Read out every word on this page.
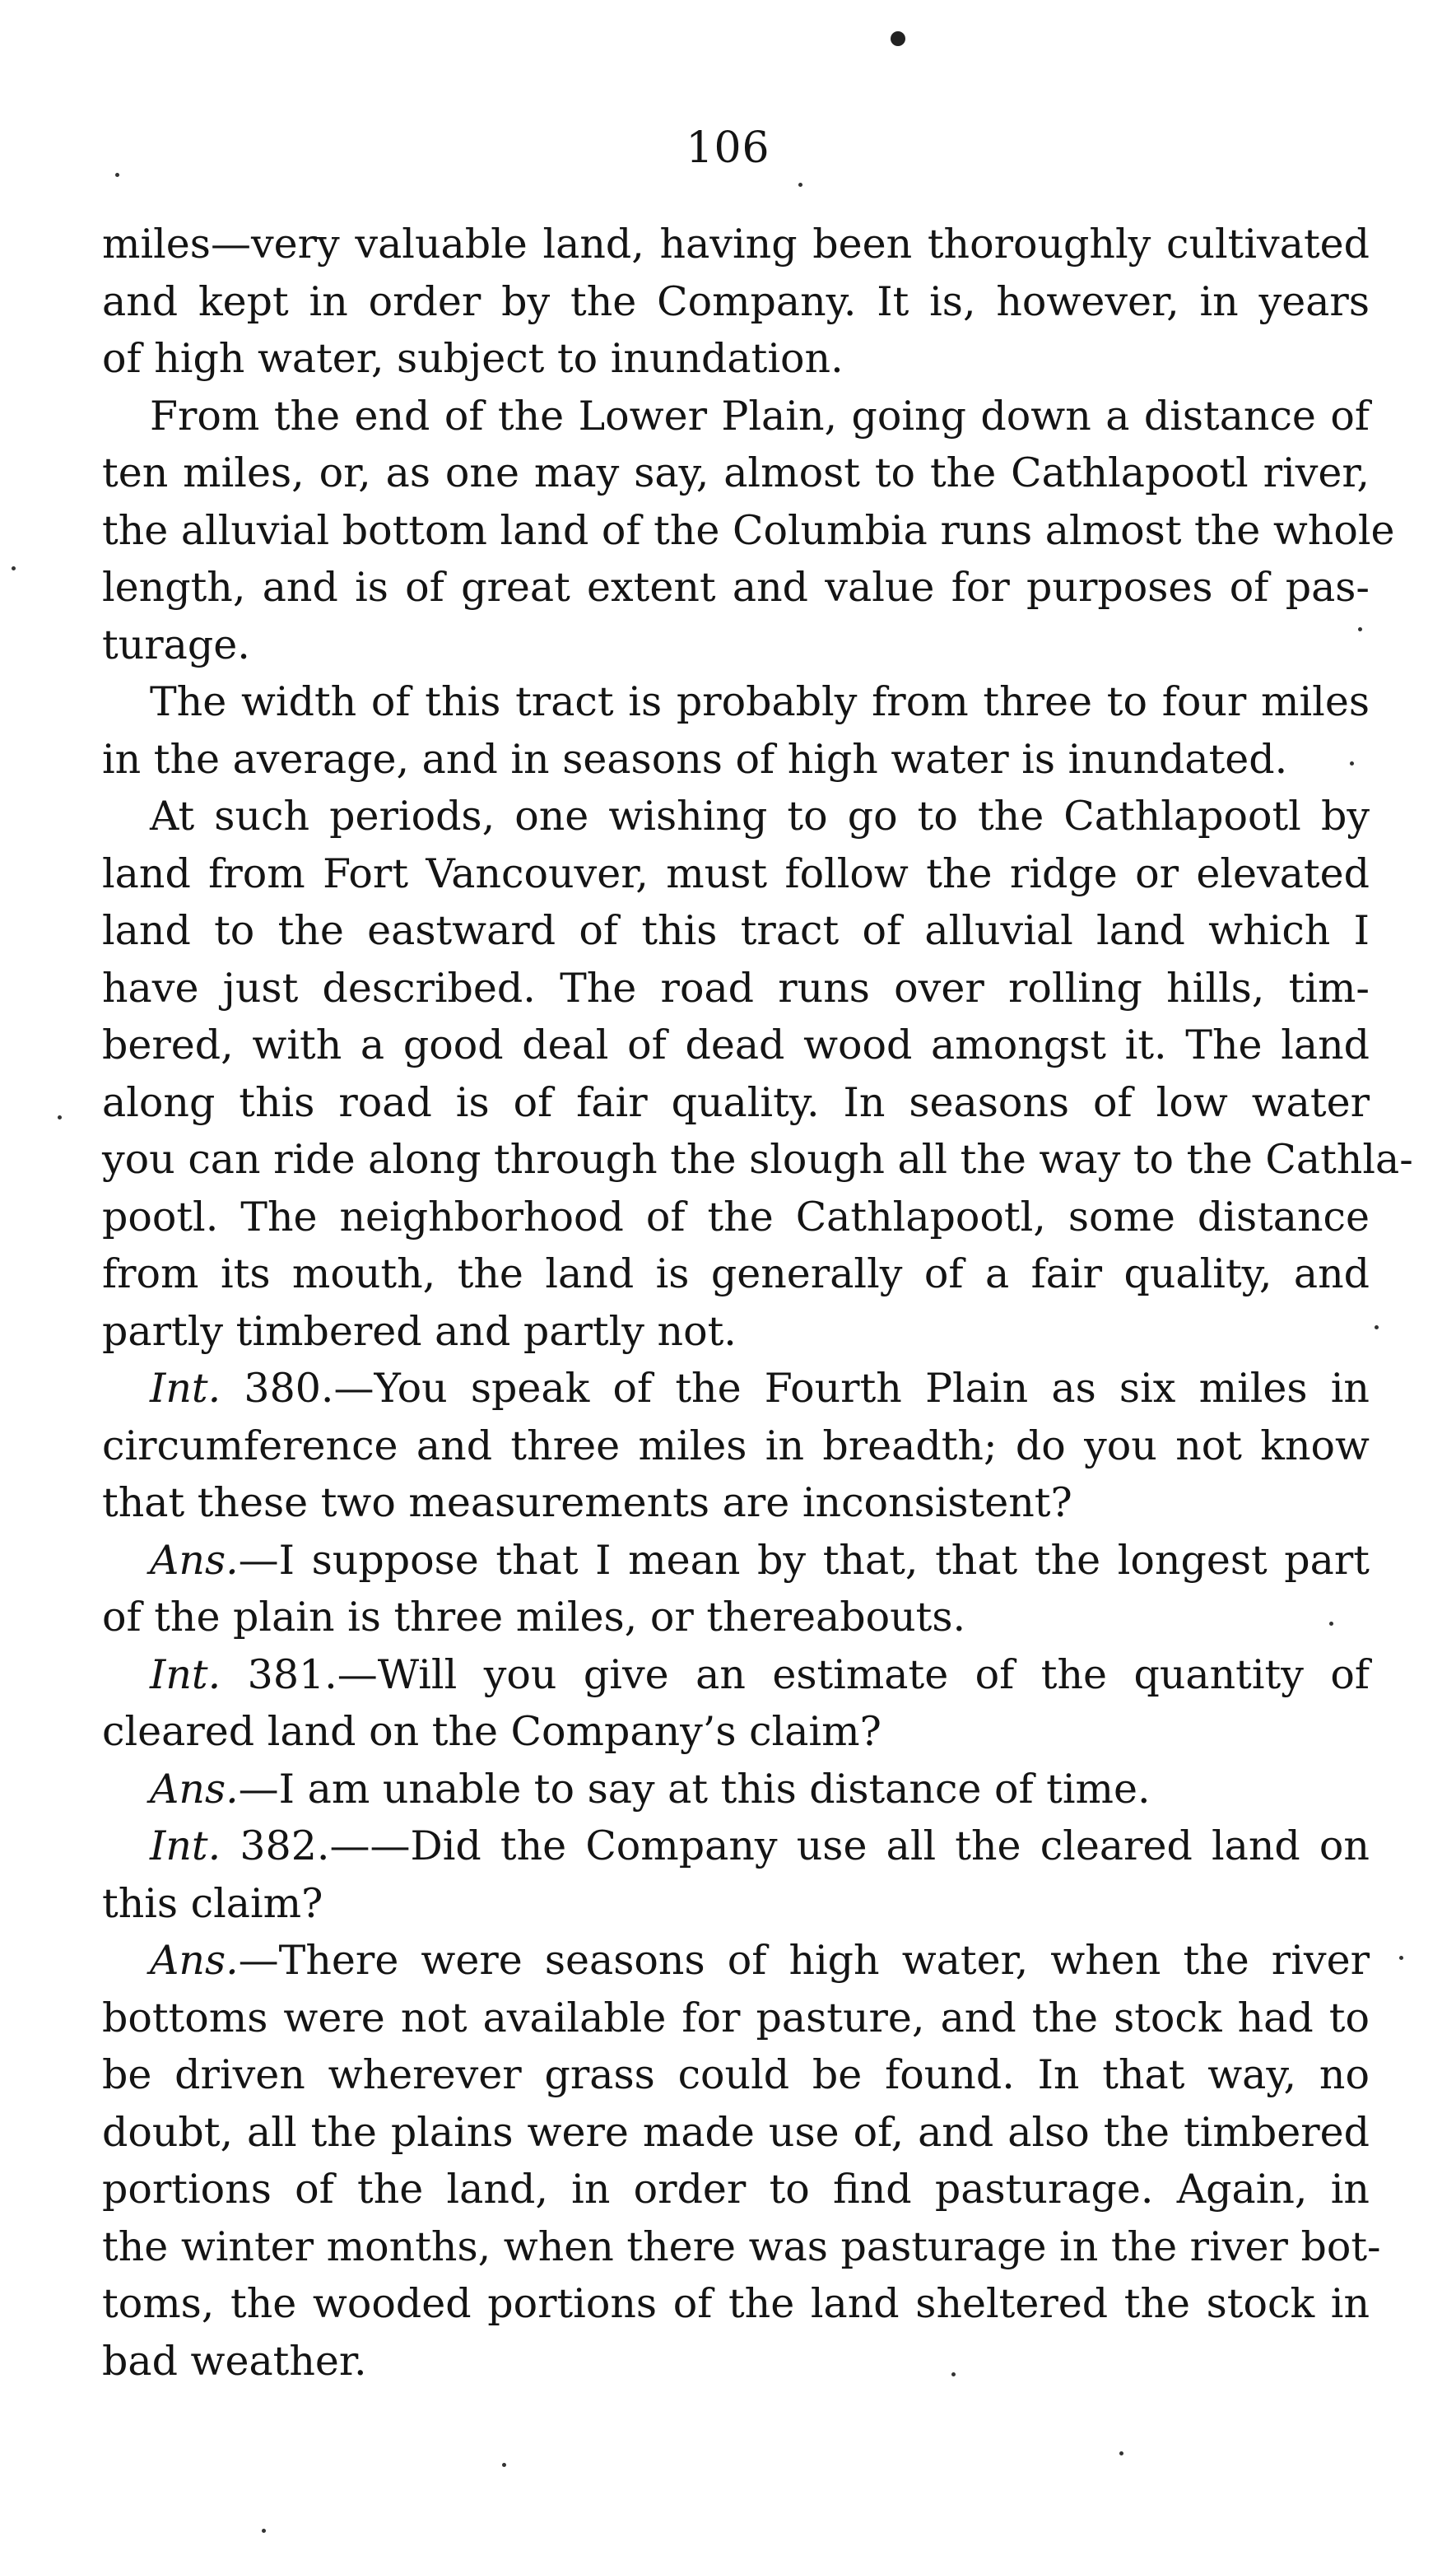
106
miles—very valuable land, having been thoroughly cultivated
and kept in order by the Company. It is, however, in years
of high water, subject to inundation.
From the end of the Lower Plain, going down a distance of
ten miles, or, as one may say, almost to the Cathlapootl river,
the alluvial bottom land of the Columbia runs almost the whole
length, and is of great extent and value for purposes of pas-
turage.
The width of this tract is probably from three to four miles
in the average, and in seasons of high water is inundated.
At such periods, one wishing to go to the Cathlapootl by
land from Fort Vancouver, must follow the ridge or elevated
land to the eastward of this tract of alluvial land which I
have just described. The road runs over rolling hills, tim-
bered, with a good deal of dead wood amongst it. The land
along this road is of fair quality. In seasons of low water
you can ride along through the slough all the way to the Cathla-
pootl. The neighborhood of the Cathlapootl, some distance
from its mouth, the land is generally of a fair quality, and
partly timbered and partly not.
Int. 380.—You speak of the Fourth Plain as six miles in
circumference and three miles in breadth; do you not know
that these two measurements are inconsistent?
Ans.—I suppose that I mean by that, that the longest part
of the plain is three miles, or thereabouts.
Int. 381.—Will you give an estimate of the quantity of
cleared land on the Company’s claim?
Ans.—I am unable to say at this distance of time.
Int. 382.——Did the Company use all the cleared land on
this claim?
Ans.—There were seasons of high water, when the river
bottoms were not available for pasture, and the stock had to
be driven wherever grass could be found. In that way, no
doubt, all the plains were made use of, and also the timbered
portions of the land, in order to find pasturage. Again, in
the winter months, when there was pasturage in the river bot-
toms, the wooded portions of the land sheltered the stock in
bad weather.
